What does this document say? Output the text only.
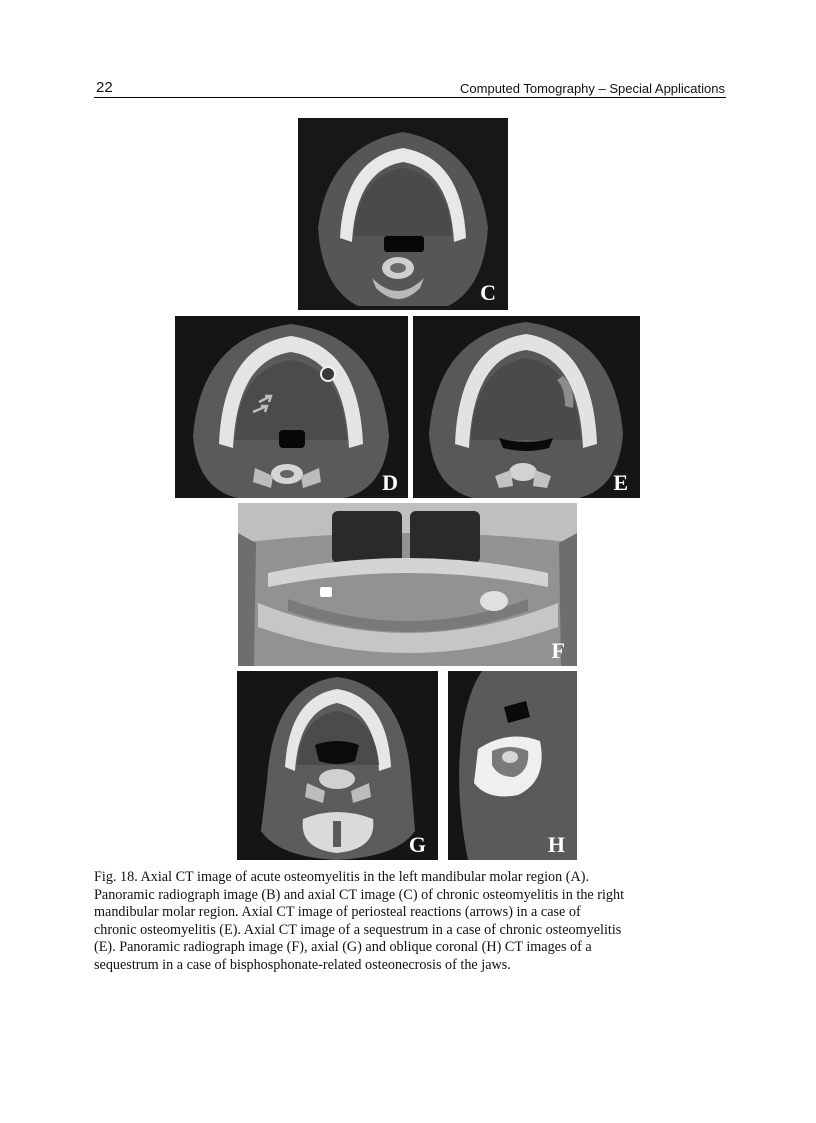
22	Computed Tomography – Special Applications
C
D	E
F
G	H

Fig. 18. Axial CT image of acute osteomyelitis in the left mandibular molar region (A).

Panoramic radiograph image (B) and axial CT image (C) of chronic osteomyelitis in the right

mandibular molar region. Axial CT image of periosteal reactions (arrows) in a case of

chronic osteomyelitis (E). Axial CT image of a sequestrum in a case of chronic osteomyelitis

(E). Panoramic radiograph image (F), axial (G) and oblique coronal (H) CT images of a

sequestrum in a case of bisphosphonate-related osteonecrosis of the jaws.
